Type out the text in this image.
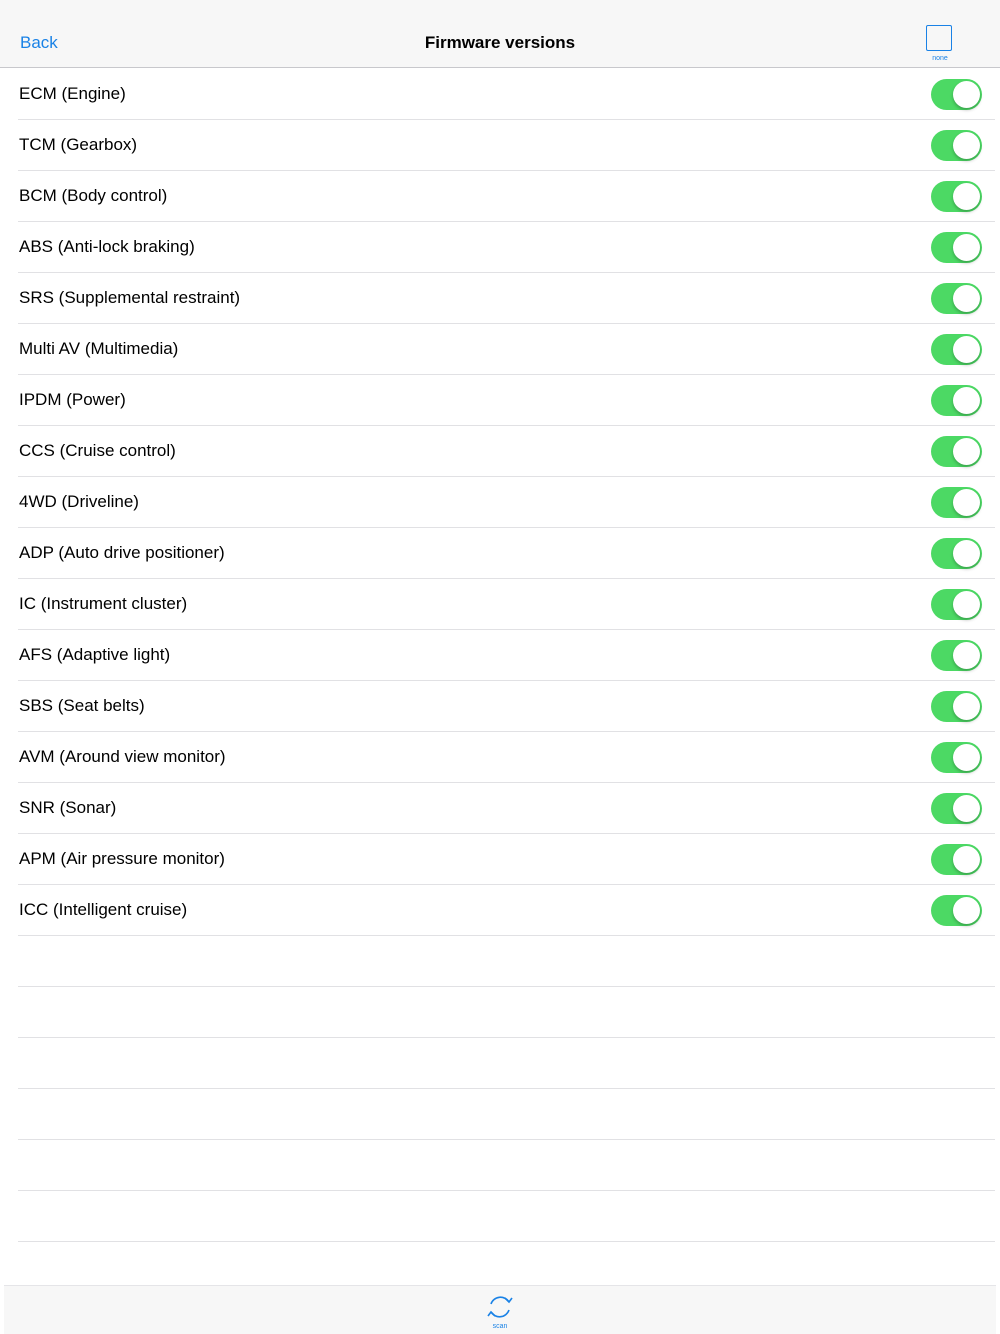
Back	Firmware versions
none
ECM (Engine)
TCM (Gearbox)
BCM (Body control)
ABS (Anti-lock braking)
SRS (Supplemental restraint)
Multi AV (Multimedia)
IPDM (Power)
CCS (Cruise control)
4WD (Driveline)
ADP (Auto drive positioner)
IC (Instrument cluster)
AFS (Adaptive light)
SBS (Seat belts)
AVM (Around view monitor)
SNR (Sonar)
APM (Air pressure monitor)
ICC (Intelligent cruise)
scan
